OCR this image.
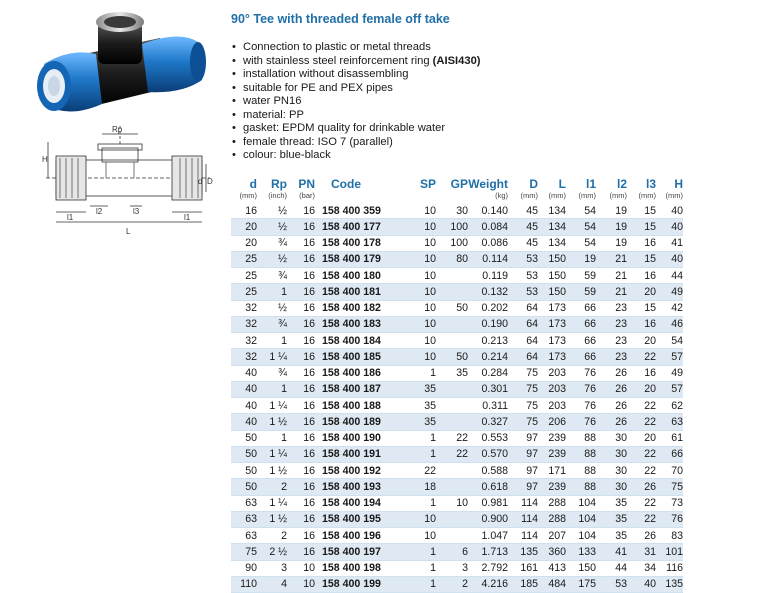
Rp
H
d D
l1
l2	l3
l1
L
90° Tee with threaded female off take
• Connection to plastic or metal threads
• with stainless steel reinforcement ring (AISI430)
• installation without disassembling
• suitable for PE and PEX pipes
• water PN16
• material: PP
• gasket: EPDM quality for drinkable water
• female thread: ISO 7 (parallel)
• colour: blue-black
d	Rp	PN	Code	SP	GP	Weight	D	L	l1	l2	l3	H
(mm)	(inch)	(bar)				(kg)	(mm)	(mm)	(mm)	(mm)	(mm)	(mm)
16	½	16	158 400 359	10	30	0.140	45	134	54	19	15	40
20	½	16	158 400 177	10	100	0.084	45	134	54	19	15	40
20	¾	16	158 400 178	10	100	0.086	45	134	54	19	16	41
25	½	16	158 400 179	10	80	0.114	53	150	19	21	15	40
25	¾	16	158 400 180	10		0.119	53	150	59	21	16	44
25	1	16	158 400 181	10		0.132	53	150	59	21	20	49
32	½	16	158 400 182	10	50	0.202	64	173	66	23	15	42
32	¾	16	158 400 183	10		0.190	64	173	66	23	16	46
32	1	16	158 400 184	10		0.213	64	173	66	23	20	54
32	1 ¼	16	158 400 185	10	50	0.214	64	173	66	23	22	57
40	¾	16	158 400 186	1	35	0.284	75	203	76	26	16	49
40	1	16	158 400 187	35		0.301	75	203	76	26	20	57
40	1 ¼	16	158 400 188	35		0.311	75	203	76	26	22	62
40	1 ½	16	158 400 189	35		0.327	75	206	76	26	22	63
50	1	16	158 400 190	1	22	0.553	97	239	88	30	20	61
50	1 ¼	16	158 400 191	1	22	0.570	97	239	88	30	22	66
50	1 ½	16	158 400 192	22		0.588	97	171	88	30	22	70
50	2	16	158 400 193	18		0.618	97	239	88	30	26	75
63	1 ¼	16	158 400 194	1	10	0.981	114	288	104	35	22	73
63	1 ½	16	158 400 195	10		0.900	114	288	104	35	22	76
63	2	16	158 400 196	10		1.047	114	207	104	35	26	83
75	2 ½	16	158 400 197	1	6	1.713	135	360	133	41	31	101
90	3	10	158 400 198	1	3	2.792	161	413	150	44	34	116
110	4	10	158 400 199	1	2	4.216	185	484	175	53	40	135
